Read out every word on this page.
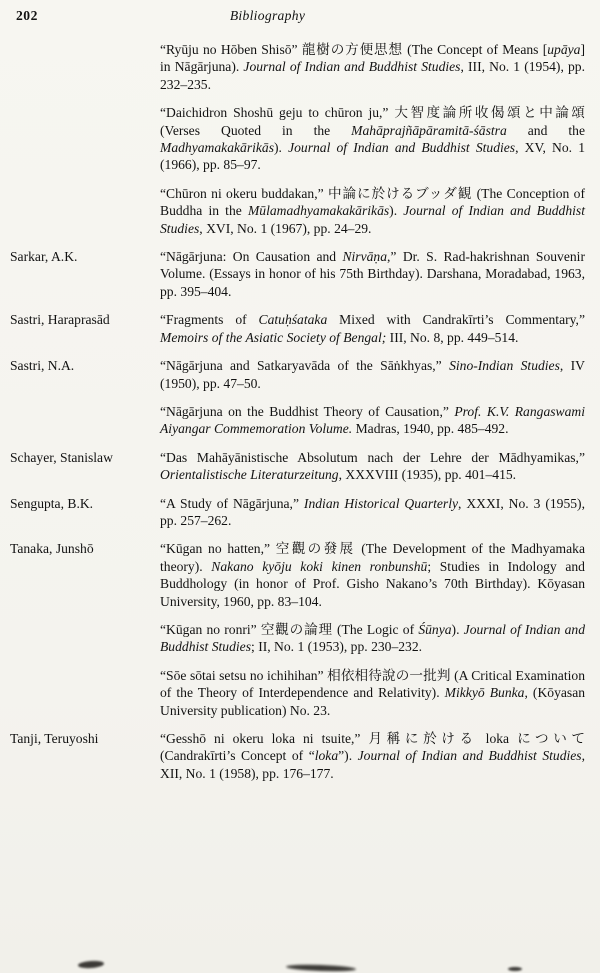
202	Bibliography
“Ryūju no Hōben Shisō” 龍樹の方便思想 (The Concept of Means [upāya] in Nāgārjuna). Journal of Indian and Buddhist Studies, III, No. 1 (1954), pp. 232–235.
“Daichidron Shoshū geju to chūron ju,” 大智度論所收偈頌と中論頌 (Verses Quoted in the Mahāprajñāpāramitā-śāstra and the Madhyamakakārikās). Journal of Indian and Buddhist Studies, XV, No. 1 (1966), pp. 85–97.
“Chūron ni okeru buddakan,” 中論に於けるブッダ観 (The Conception of Buddha in the Mūlamadhyamakakārikās). Journal of Indian and Buddhist Studies, XVI, No. 1 (1967), pp. 24–29.
Sarkar, A.K.	“Nāgārjuna: On Causation and Nirvāṇa,” Dr. S. Rad-hakrishnan Souvenir Volume. (Essays in honor of his 75th Birthday). Darshana, Moradabad, 1963, pp. 395–404.
Sastri, Haraprasād	“Fragments of Catuḥśataka Mixed with Candrakīrti’s Commentary,” Memoirs of the Asiatic Society of Bengal; III, No. 8, pp. 449–514.
Sastri, N.A.	“Nāgārjuna and Satkaryavāda of the Sāṅkhyas,” Sino-Indian Studies, IV (1950), pp. 47–50.
“Nāgārjuna on the Buddhist Theory of Causation,” Prof. K.V. Rangaswami Aiyangar Commemoration Volume. Madras, 1940, pp. 485–492.
Schayer, Stanislaw	“Das Mahāyānistische Absolutum nach der Lehre der Mādhyamikas,” Orientalistische Literaturzeitung, XXXVIII (1935), pp. 401–415.
Sengupta, B.K.	“A Study of Nāgārjuna,” Indian Historical Quarterly, XXXI, No. 3 (1955), pp. 257–262.
Tanaka, Junshō	“Kūgan no hatten,” 空觀の發展 (The Development of the Madhyamaka theory). Nakano kyōju koki kinen ronbunshū; Studies in Indology and Buddhology (in honor of Prof. Gisho Nakano’s 70th Birthday). Kōyasan University, 1960, pp. 83–104.
“Kūgan no ronri” 空觀の論理 (The Logic of Śūnya). Journal of Indian and Buddhist Studies; II, No. 1 (1953), pp. 230–232.
“Sōe sōtai setsu no ichihihan” 相依相待說の一批判 (A Critical Examination of the Theory of Interdependence and Relativity). Mikkyō Bunka, (Kōyasan University publication) No. 23.
Tanji, Teruyoshi	“Gesshō ni okeru loka ni tsuite,” 月稱に於ける loka について (Candrakīrti’s Concept of “loka”). Journal of Indian and Buddhist Studies, XII, No. 1 (1958), pp. 176–177.
